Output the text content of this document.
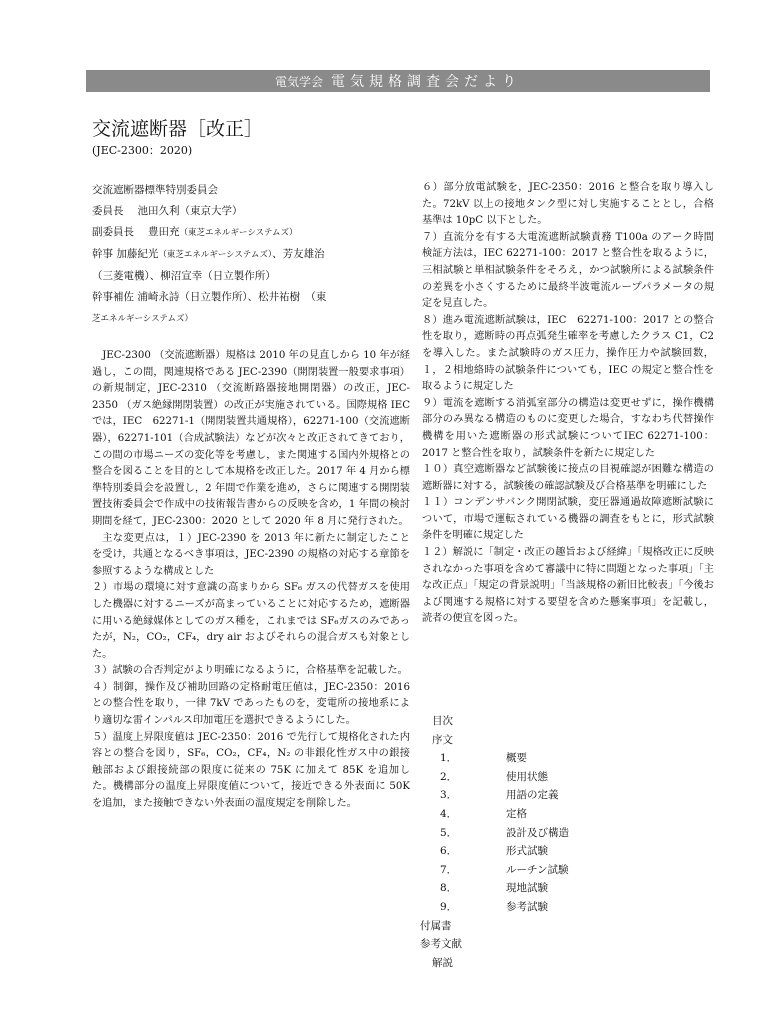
電気学会 電気規格調査会だより
交流遮断器［改正］
(JEC-2300：2020)

交流遮断器標準特別委員会

委員長 池田久利（東京大学）

副委員長 豊田充（東芝エネルギーシステムズ）

幹事 加藤紀光（東芝エネルギーシステムズ）、芳友雄治

（三菱電機）、柳沼宣幸（日立製作所）

幹事補佐 浦崎永詩（日立製作所）、松井祐樹　（東

芝エネルギーシステムズ）

JEC-2300 （交流遮断器）規格は 2010 年の見直しから 10 年が経過し，この間，関連規格である JEC-2390（開閉装置一般要求事項）の新規制定，JEC-2310 （交流断路器接地開閉器）の改正，JEC-2350 （ガス絶縁開閉装置）の改正が実施されている。国際規格 IEC では，IEC　62271-1（開閉装置共通規格），62271-100（交流遮断器），62271-101（合成試験法）などが次々と改正されてきており，この間の市場ニーズの変化等を考慮し，また関連する国内外規格との整合を図ることを目的として本規格を改正した。2017 年 4 月から標準特別委員会を設置し，2 年間で作業を進め，さらに関連する開閉装置技術委員会で作成中の技術報告書からの反映を含め，1 年間の検討期間を経て，JEC-2300：2020 として 2020 年 8 月に発行された。

主な変更点は，１）JEC-2390 を 2013 年に新たに制定したことを受け，共通となるべき事項は，JEC-2390 の規格の対応する章節を参照するような構成とした

２）市場の環境に対す意識の高まりから SF₆ ガスの代替ガスを使用した機器に対するニーズが高まっていることに対応するため，遮断器に用いる絶縁媒体としてのガス種を，これまでは SF₆ガスのみであったが，N₂，CO₂，CF₄，dry air およびそれらの混合ガスも対象とした。

３）試験の合否判定がより明確になるように，合格基準を記載した。

４）制御，操作及び補助回路の定格耐電圧値は，JEC-2350：2016 との整合性を取り，一律 7kV であったものを，変電所の接地系により適切な雷インパルス印加電圧を選択できるようにした。

５）温度上昇限度値は JEC-2350：2016 で先行して規格化された内容との整合を図り，SF₆，CO₂，CF₄，N₂ の非銀化性ガス中の銀接触部および銀接続部の限度に従来の 75K に加えて 85K を追加した。機構部分の温度上昇限度値について，接近できる外表面に 50K を追加，また接触できない外表面の温度規定を削除した。

６）部分放電試験を，JEC-2350：2016 と整合を取り導入した。72kV 以上の接地タンク型に対し実施することとし，合格基準は 10pC 以下とした。

７）直流分を有する大電流遮断試験責務 T100a のアーク時間検証方法は，IEC 62271-100：2017 と整合性を取るように，三相試験と単相試験条件をそろえ，かつ試験所による試験条件の差異を小さくするために最終半波電流ループパラメータの規定を見直した。

８）進み電流遮断試験は，IEC　62271-100：2017 との整合性を取り，遮断時の再点弧発生確率を考慮したクラス C1，C2 を導入した。また試験時のガス圧力，操作圧力や試験回数，１，２相地絡時の試験条件についても，IEC の規定と整合性を取るように規定した

９）電流を遮断する消弧室部分の構造は変更せずに，操作機構部分のみ異なる構造のものに変更した場合，すなわち代替操作機構を用いた遮断器の形式試験についてIEC 62271-100：2017 と整合性を取り，試験条件を新たに規定した

１０）真空遮断器など試験後に接点の目視確認が困難な構造の遮断器に対する，試験後の確認試験及び合格基準を明確にした

１１）コンデンサバンク開閉試験，変圧器通過故障遮断試験について，市場で運転されている機器の調査をもとに，形式試験条件を明確に規定した

１２）解説に「制定・改正の趣旨および経緯」「規格改正に反映されなかった事項を含めて審議中に特に問題となった事項」「主な改正点」「規定の背景説明」「当該規格の新旧比較表」「今後および関連する規格に対する要望を含めた懸案事項」を記載し，読者の便宜を図った。

目次

序文

1．	概要
2．	使用状態
3．	用語の定義
4．	定格
5．	設計及び構造
6．	形式試験
7．	ルーチン試験
8．	現地試験
9．	参考試験

付属書

参考文献

解説
